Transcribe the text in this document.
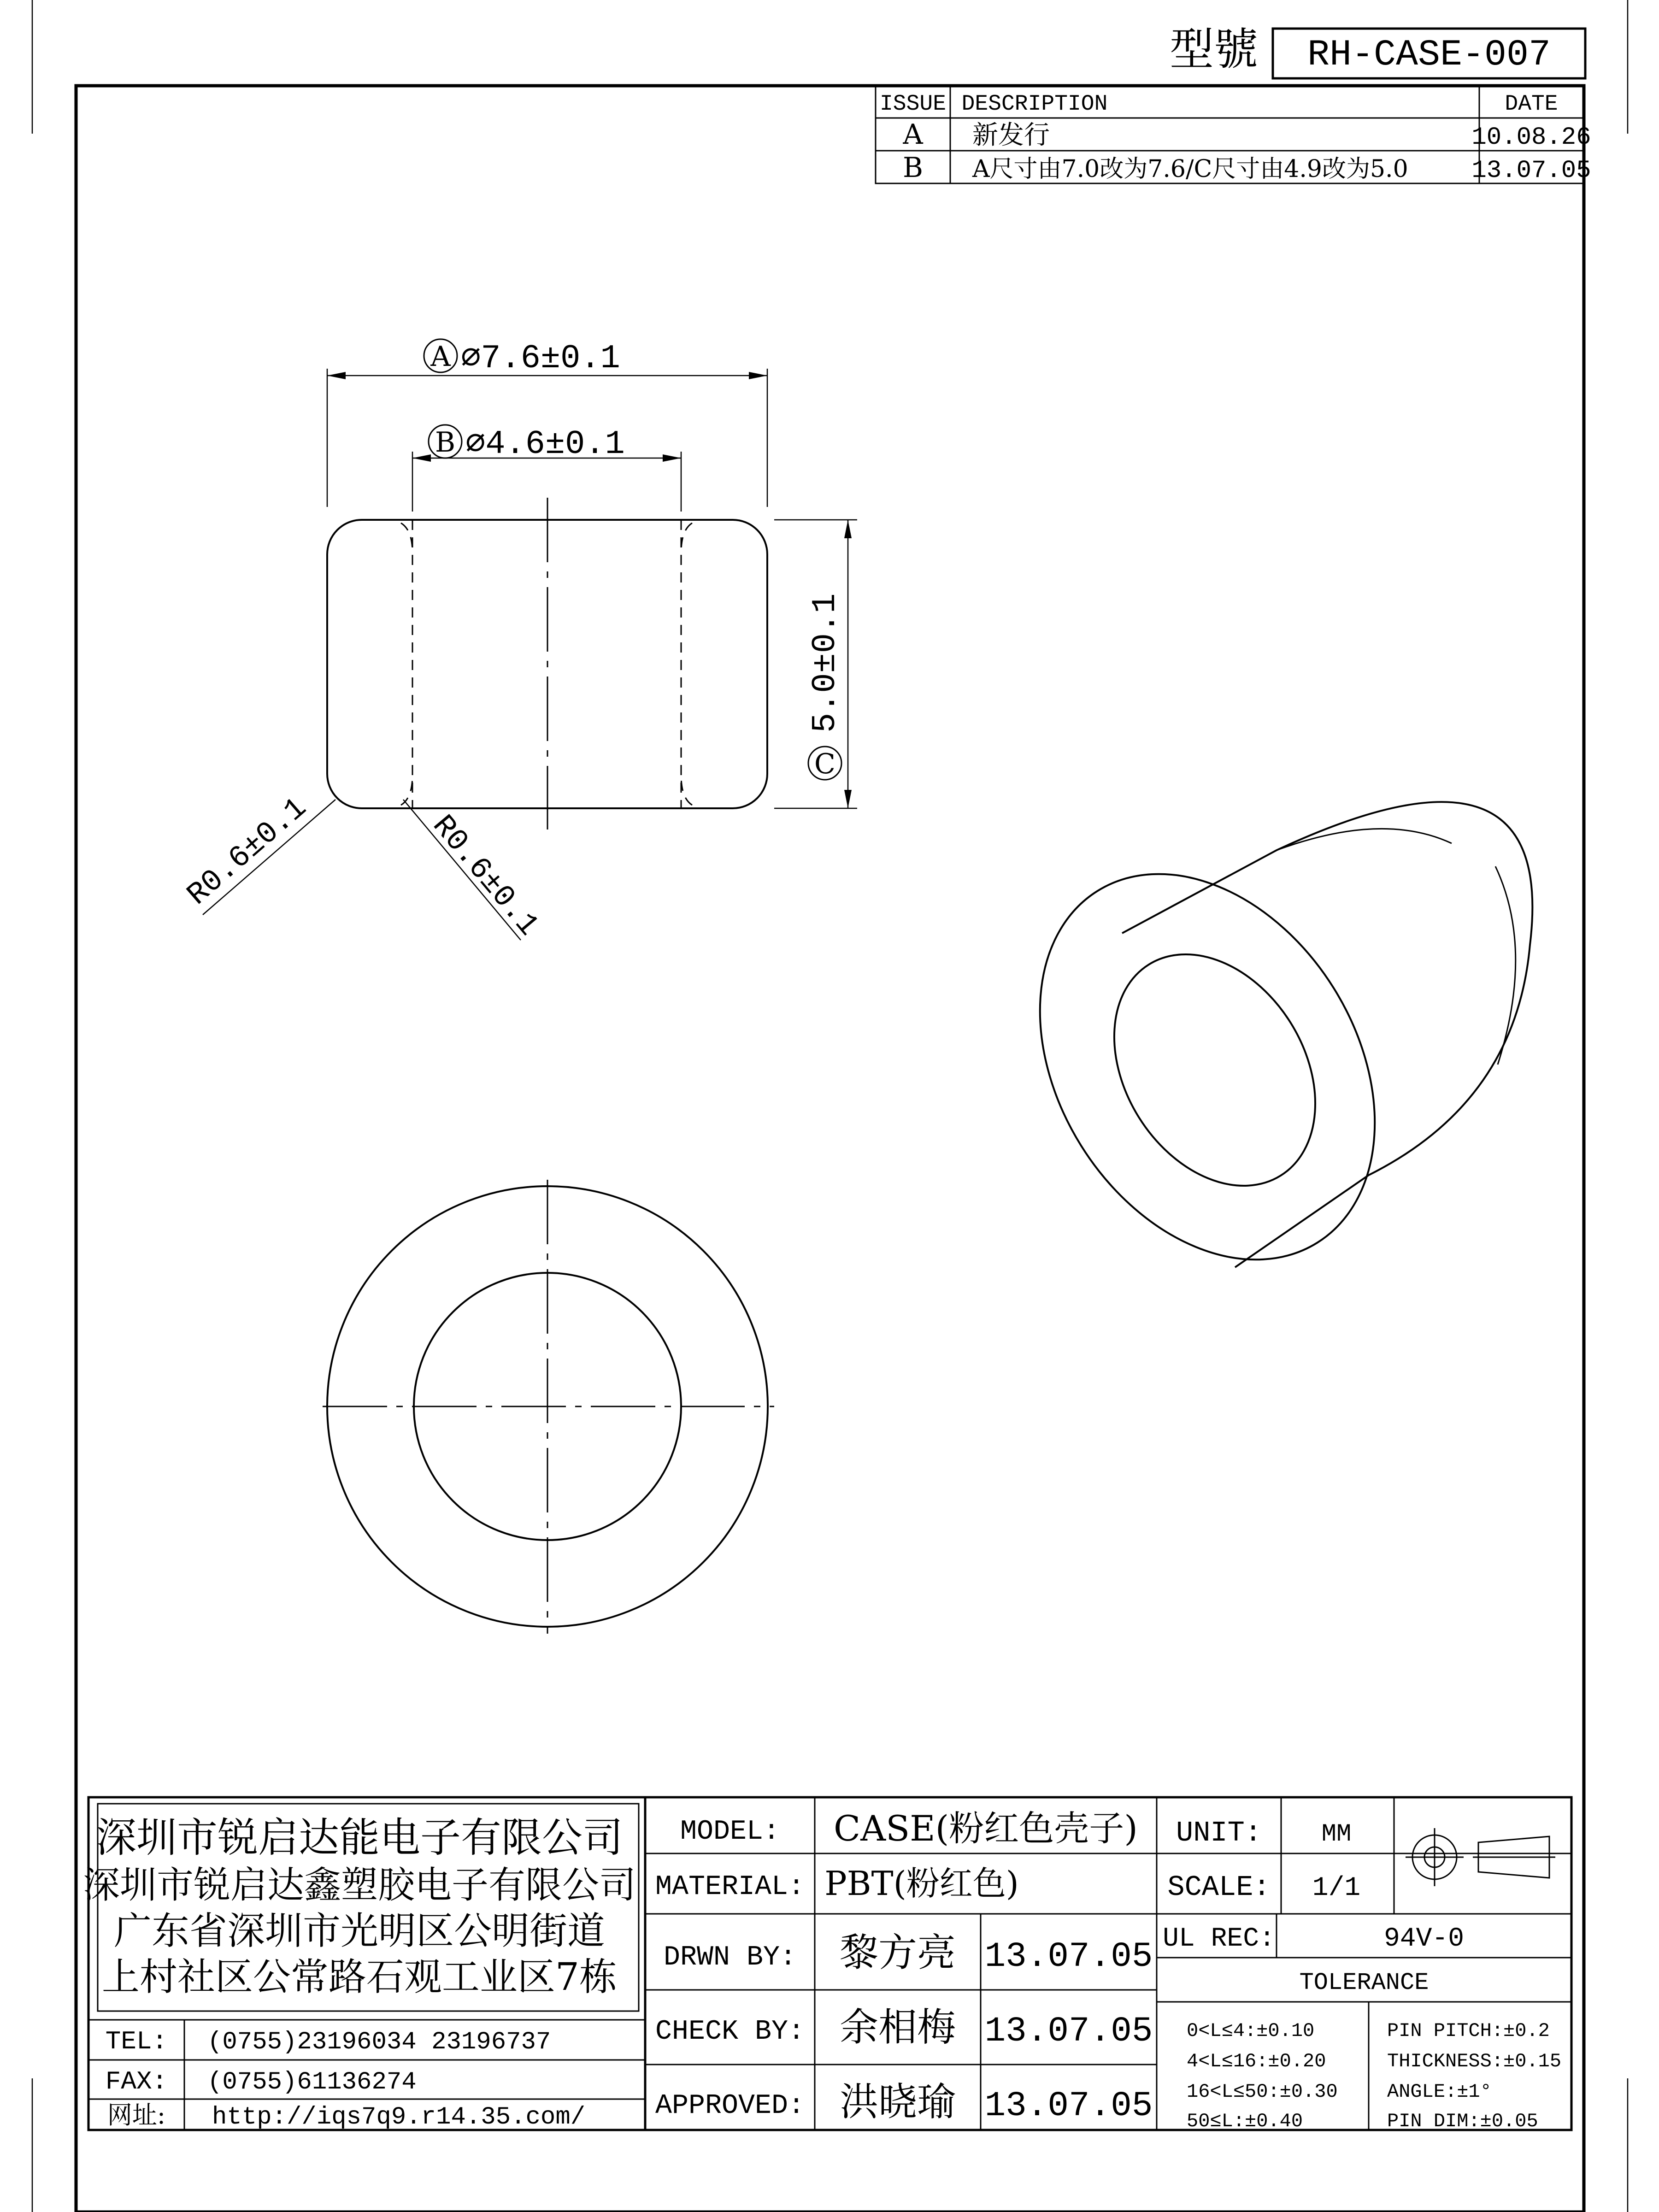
型號 RH-CASE-007
ISSUE DESCRIPTION	DATE
A 新发行	10.08.26
B A尺寸由7.0改为7.6/C尺寸由4.9改为5.0	13.07.05
A ⌀7.6±0.1
B ⌀4.6±0.1
C
5.0±0.1
R0.6±0.1	R0.6±0.1
深圳市锐启达能电子有限公司
深圳市锐启达鑫塑胶电子有限公司
广东省深圳市光明区公明街道
上村社区公常路石观工业区7栋
TEL: (0755)23196034 23196737
FAX: (0755)61136274
网址: http://iqs7q9.r14.35.com/
MODEL: CASE(粉红色壳子)
MATERIAL: PBT(粉红色)
UNIT: MM
SCALE: 1/1
UL REC:	94V-0
TOLERANCE
DRWN BY: 黎方亮 13.07.05
CHECK BY: 余相梅 13.07.05
APPROVED: 洪晓瑜 13.07.05
0<L≤4:±0.10
4<L≤16:±0.20
16<L≤50:±0.30
50≤L:±0.40
PIN PITCH:±0.2
THICKNESS:±0.15
ANGLE:±1°
PIN DIM:±0.05
